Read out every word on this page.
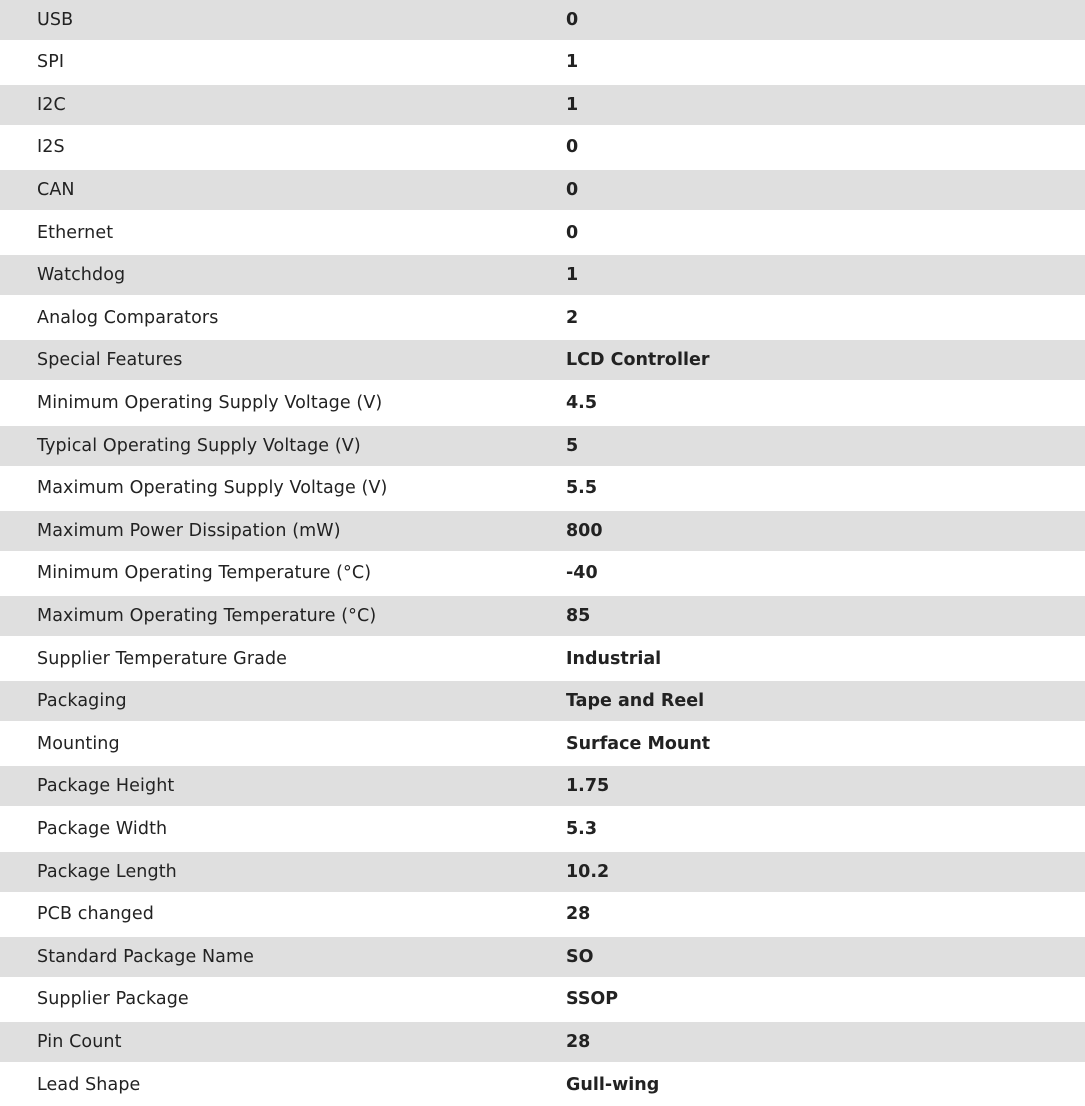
USB	0
SPI	1
I2C	1
I2S	0
CAN	0
Ethernet	0
Watchdog	1
Analog Comparators	2
Special Features	LCD Controller
Minimum Operating Supply Voltage (V)	4.5
Typical Operating Supply Voltage (V)	5
Maximum Operating Supply Voltage (V)	5.5
Maximum Power Dissipation (mW)	800
Minimum Operating Temperature (°C)	-40
Maximum Operating Temperature (°C)	85
Supplier Temperature Grade	Industrial
Packaging	Tape and Reel
Mounting	Surface Mount
Package Height	1.75
Package Width	5.3
Package Length	10.2
PCB changed	28
Standard Package Name	SO
Supplier Package	SSOP
Pin Count	28
Lead Shape	Gull-wing
